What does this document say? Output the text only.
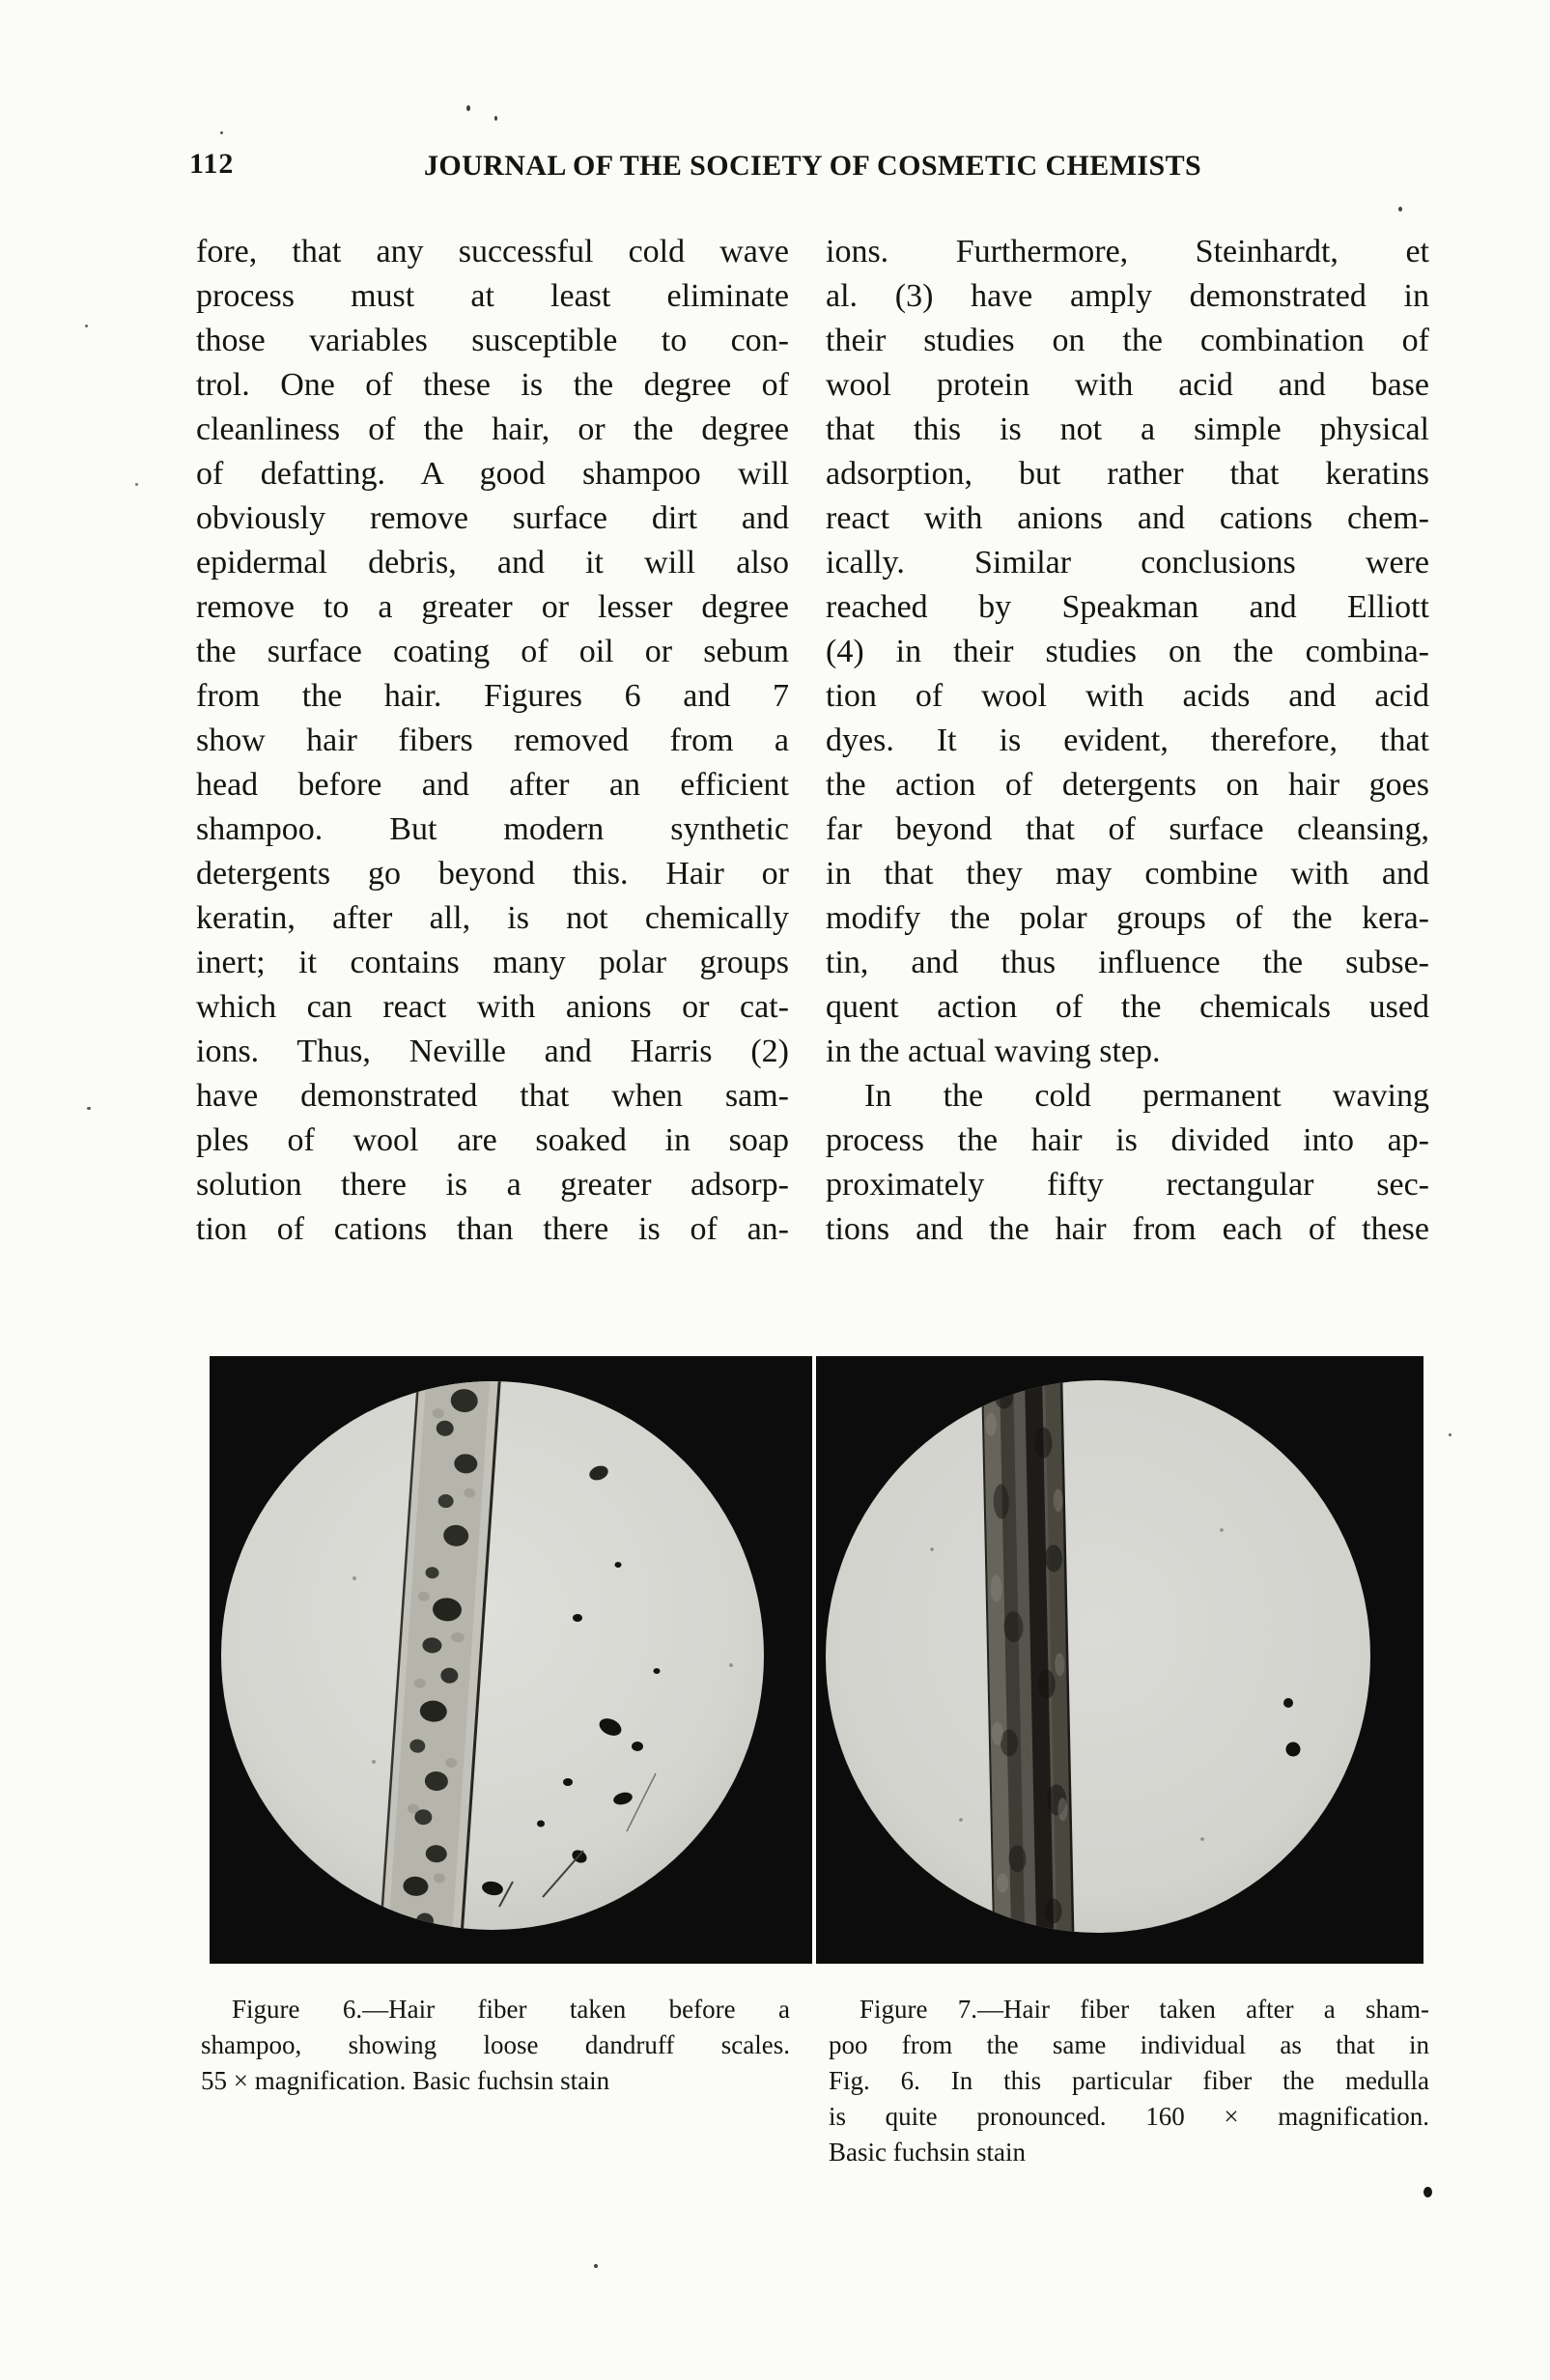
112	JOURNAL OF THE SOCIETY OF COSMETIC CHEMISTS
fore, that any successful cold wave
process must at least eliminate
those variables susceptible to con-
trol. One of these is the degree of
cleanliness of the hair, or the degree
of defatting. A good shampoo will
obviously remove surface dirt and
epidermal debris, and it will also
remove to a greater or lesser degree
the surface coating of oil or sebum
from the hair. Figures 6 and 7
show hair fibers removed from a
head before and after an efficient
shampoo. But modern synthetic
detergents go beyond this. Hair or
keratin, after all, is not chemically
inert; it contains many polar groups
which can react with anions or cat-
ions. Thus, Neville and Harris (2)
have demonstrated that when sam-
ples of wool are soaked in soap
solution there is a greater adsorp-
tion of cations than there is of an-
ions. Furthermore, Steinhardt, et
al. (3) have amply demonstrated in
their studies on the combination of
wool protein with acid and base
that this is not a simple physical
adsorption, but rather that keratins
react with anions and cations chem-
ically. Similar conclusions were
reached by Speakman and Elliott
(4) in their studies on the combina-
tion of wool with acids and acid
dyes. It is evident, therefore, that
the action of detergents on hair goes
far beyond that of surface cleansing,
in that they may combine with and
modify the polar groups of the kera-
tin, and thus influence the subse-
quent action of the chemicals used
in the actual waving step.
In the cold permanent waving
process the hair is divided into ap-
proximately fifty rectangular sec-
tions and the hair from each of these
Figure 6.—Hair fiber taken before a
shampoo, showing loose dandruff scales.
55 × magnification. Basic fuchsin stain
Figure 7.—Hair fiber taken after a sham-
poo from the same individual as that in
Fig. 6. In this particular fiber the medulla
is quite pronounced. 160 × magnification.
Basic fuchsin stain
